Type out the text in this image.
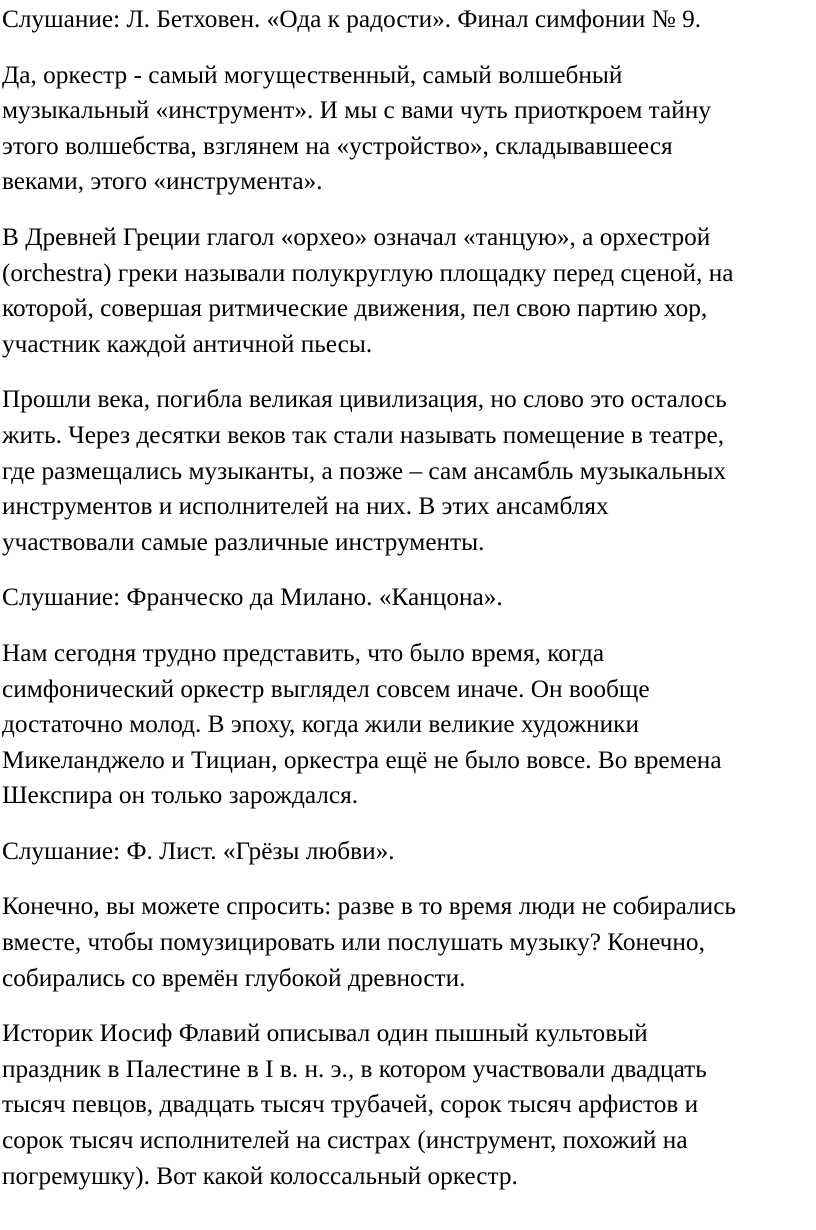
Слушание: Л. Бетховен. «Ода к радости». Финал симфонии № 9.

Да, оркестр - самый могущественный, самый волшебный
музыкальный «инструмент». И мы с вами чуть приоткроем тайну
этого волшебства, взглянем на «устройство», складывавшееся
веками, этого «инструмента».

В Древней Греции глагол «орхео» означал «танцую», а орхестрой
(orchestra) греки называли полукруглую площадку перед сценой, на
которой, совершая ритмические движения, пел свою партию хор,
участник каждой античной пьесы.

Прошли века, погибла великая цивилизация, но слово это осталось
жить. Через десятки веков так стали называть помещение в театре,
где размещались музыканты, а позже – сам ансамбль музыкальных
инструментов и исполнителей на них. В этих ансамблях
участвовали самые различные инструменты.

Слушание: Франческо да Милано. «Канцона».

Нам сегодня трудно представить, что было время, когда
симфонический оркестр выглядел совсем иначе. Он вообще
достаточно молод. В эпоху, когда жили великие художники
Микеланджело и Тициан, оркестра ещё не было вовсе. Во времена
Шекспира он только зарождался.

Слушание: Ф. Лист. «Грёзы любви».

Конечно, вы можете спросить: разве в то время люди не собирались
вместе, чтобы помузицировать или послушать музыку? Конечно,
собирались со времён глубокой древности.

Историк Иосиф Флавий описывал один пышный культовый
праздник в Палестине в I в. н. э., в котором участвовали двадцать
тысяч певцов, двадцать тысяч трубачей, сорок тысяч арфистов и
сорок тысяч исполнителей на систрах (инструмент, похожий на
погремушку). Вот какой колоссальный оркестр.
